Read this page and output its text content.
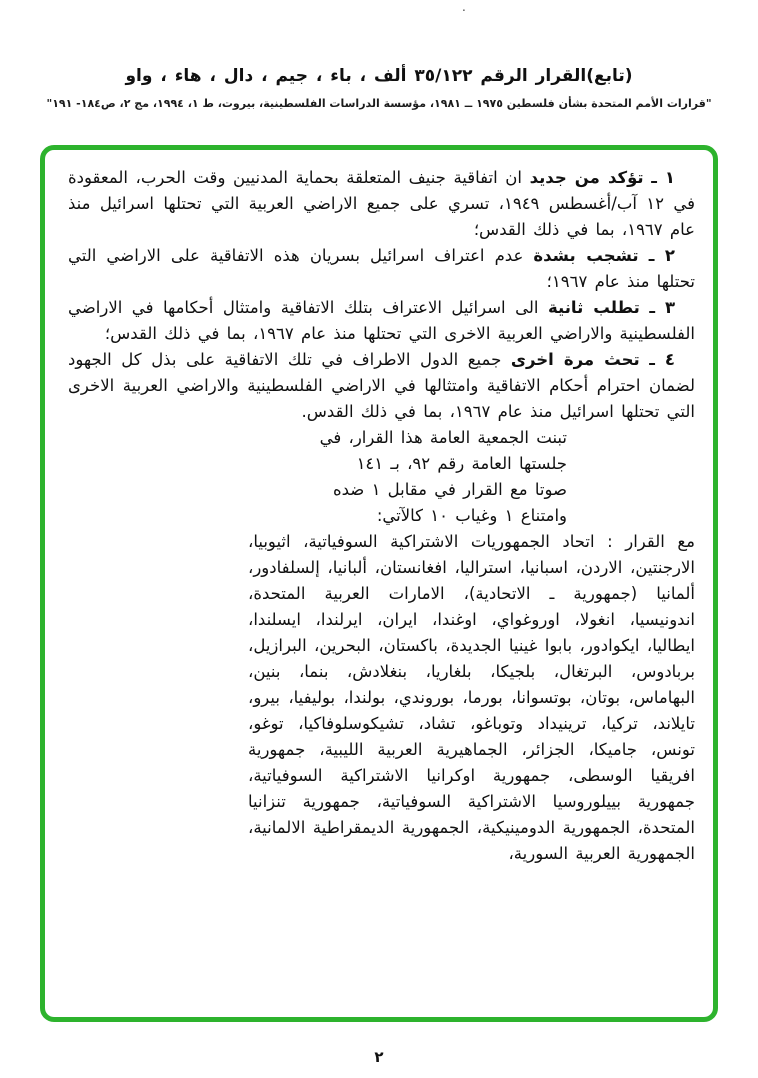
.
(تابع)القرار الرقم ٣٥/١٢٢ ألف ، باء ، جيم ، دال ، هاء ، واو
"قرارات الأمم المتحدة بشأن فلسطين ١٩٧٥ ــ ١٩٨١، مؤسسة الدراسات الفلسطينية، بيروت، ط ١، ١٩٩٤، مج ٢، ص١٨٤- ١٩١"

١ ـ تؤكد من جديد ان اتفاقية جنيف المتعلقة بحماية المدنيين وقت الحرب، المعقودة في ١٢ آب/أغسطس ١٩٤٩، تسري على جميع الاراضي العربية التي تحتلها اسرائيل منذ عام ١٩٦٧، بما في ذلك القدس؛

٢ ـ تشجب بشدة عدم اعتراف اسرائيل بسريان هذه الاتفاقية على الاراضي التي تحتلها منذ عام ١٩٦٧؛

٣ ـ تطلب ثانية الى اسرائيل الاعتراف بتلك الاتفاقية وامتثال أحكامها في الاراضي الفلسطينية والاراضي العربية الاخرى التي تحتلها منذ عام ١٩٦٧، بما في ذلك القدس؛

٤ ـ تحث مرة اخرى جميع الدول الاطراف في تلك الاتفاقية على بذل كل الجهود لضمان احترام أحكام الاتفاقية وامتثالها في الاراضي الفلسطينية والاراضي العربية الاخرى التي تحتلها اسرائيل منذ عام ١٩٦٧، بما في ذلك القدس.

تبنت الجمعية العامة هذا القرار، في
جلستها العامة رقم ٩٢، بـ ١٤١
صوتا مع القرار في مقابل ١ ضده
وامتناع ١ وغياب ١٠ كالآتي:

مع القرار : اتحاد الجمهوريات الاشتراكية السوفياتية، اثيوبيا، الارجنتين، الاردن، اسبانيا، استراليا، افغانستان، ألبانيا، إلسلفادور، ألمانيا (جمهورية ـ الاتحادية)، الامارات العربية المتحدة، اندونيسيا، انغولا، اوروغواي، اوغندا، ايران، ايرلندا، ايسلندا، ايطاليا، ايكوادور، بابوا غينيا الجديدة، باكستان، البحرين، البرازيل، بربادوس، البرتغال، بلجيكا، بلغاريا، بنغلادش، بنما، بنين، البهاماس، بوتان، بوتسوانا، بورما، بوروندي، بولندا، بوليفيا، بيرو، تايلاند، تركيا، ترينيداد وتوباغو، تشاد، تشيكوسلوفاكيا، توغو، تونس، جاميكا، الجزائر، الجماهيرية العربية الليبية، جمهورية افريقيا الوسطى، جمهورية اوكرانيا الاشتراكية السوفياتية، جمهورية بييلوروسيا الاشتراكية السوفياتية، جمهورية تنزانيا المتحدة، الجمهورية الدومينيكية، الجمهورية الديمقراطية الالمانية، الجمهورية العربية السورية،

٢
